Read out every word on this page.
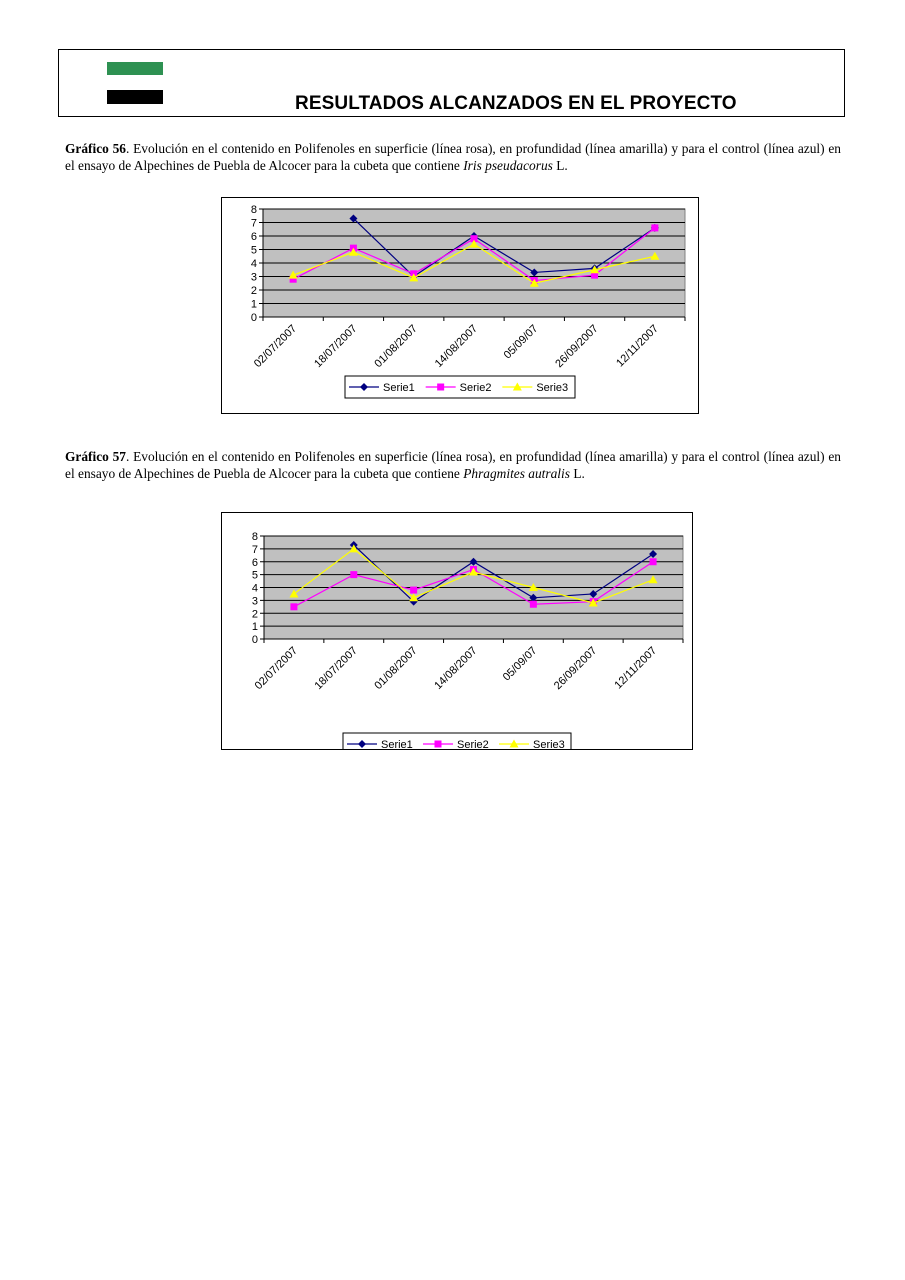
RESULTADOS ALCANZADOS EN EL PROYECTO
Gráfico 56. Evolución en el contenido en Polifenoles en superficie (línea rosa), en profundidad (línea amarilla) y para el control (línea azul) en el ensayo de Alpechines de Puebla de Alcocer para la cubeta que contiene Iris pseudacorus L.
0
1
2
3
4
5
6
7
8
02/07/2007 18/07/2007 01/08/2007 14/08/2007 05/09/07 26/09/2007 12/11/2007
Serie1	Serie2	Serie3
Gráfico 57. Evolución en el contenido en Polifenoles en superficie (línea rosa), en profundidad (línea amarilla) y para el control (línea azul) en el ensayo de Alpechines de Puebla de Alcocer para la cubeta que contiene Phragmites autralis L.
0
1
2
3
4
5
6
7
8
02/07/2007 18/07/2007 01/08/2007 14/08/2007 05/09/07 26/09/2007 12/11/2007
Serie1	Serie2	Serie3
